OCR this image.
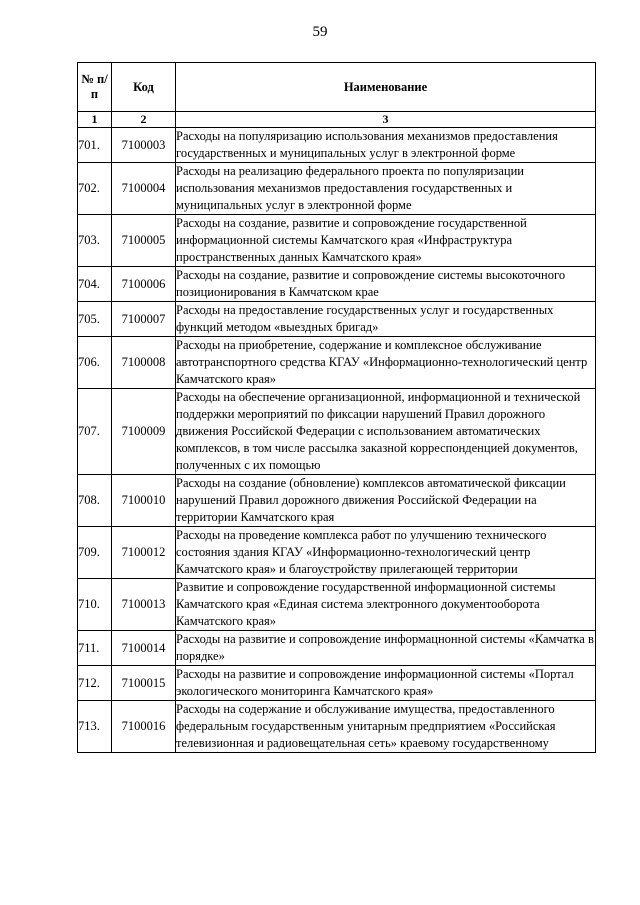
59
№ п/п	Код	Наименование
1	2	3
701.	7100003	Расходы на популяризацию использования механизмов предоставления государственных и муниципальных услуг в электронной форме
702.	7100004	Расходы на реализацию федерального проекта по популяризации использования механизмов предоставления государственных и муниципальных услуг в электронной форме
703.	7100005	Расходы на создание, развитие и сопровождение государственной информационной системы Камчатского края «Инфраструктура пространственных данных Камчатского края»
704.	7100006	Расходы на создание, развитие и сопровождение системы высокоточного позиционирования в Камчатском крае
705.	7100007	Расходы на предоставление государственных услуг и государственных функций методом «выездных бригад»
706.	7100008	Расходы на приобретение, содержание и комплексное обслуживание автотранспортного средства КГАУ «Информационно-технологический центр Камчатского края»
707.	7100009	Расходы на обеспечение организационной, информационной и технической поддержки мероприятий по фиксации нарушений Правил дорожного движения Российской Федерации с использованием автоматических комплексов, в том числе рассылка заказной корреспонденцией документов, полученных с их помощью
708.	7100010	Расходы на создание (обновление) комплексов автоматической фиксации нарушений Правил дорожного движения Российской Федерации на территории Камчатского края
709.	7100012	Расходы на проведение комплекса работ по улучшению технического состояния здания КГАУ «Информационно-технологический центр Камчатского края» и благоустройству прилегающей территории
710.	7100013	Развитие и сопровождение государственной информационной системы Камчатского края «Единая система электронного документооборота Камчатского края»
711.	7100014	Расходы на развитие и сопровождение информацнонной системы «Камчатка в порядке»
712.	7100015	Расходы на развитие и сопровождение информационной системы «Портал экологического мониторинга Камчатского края»
713.	7100016	Расходы на содержание и обслуживание имущества, предоставленного федеральным государственным унитарным предприятием «Российская телевизионная и радиовещательная сеть» краевому государственному
